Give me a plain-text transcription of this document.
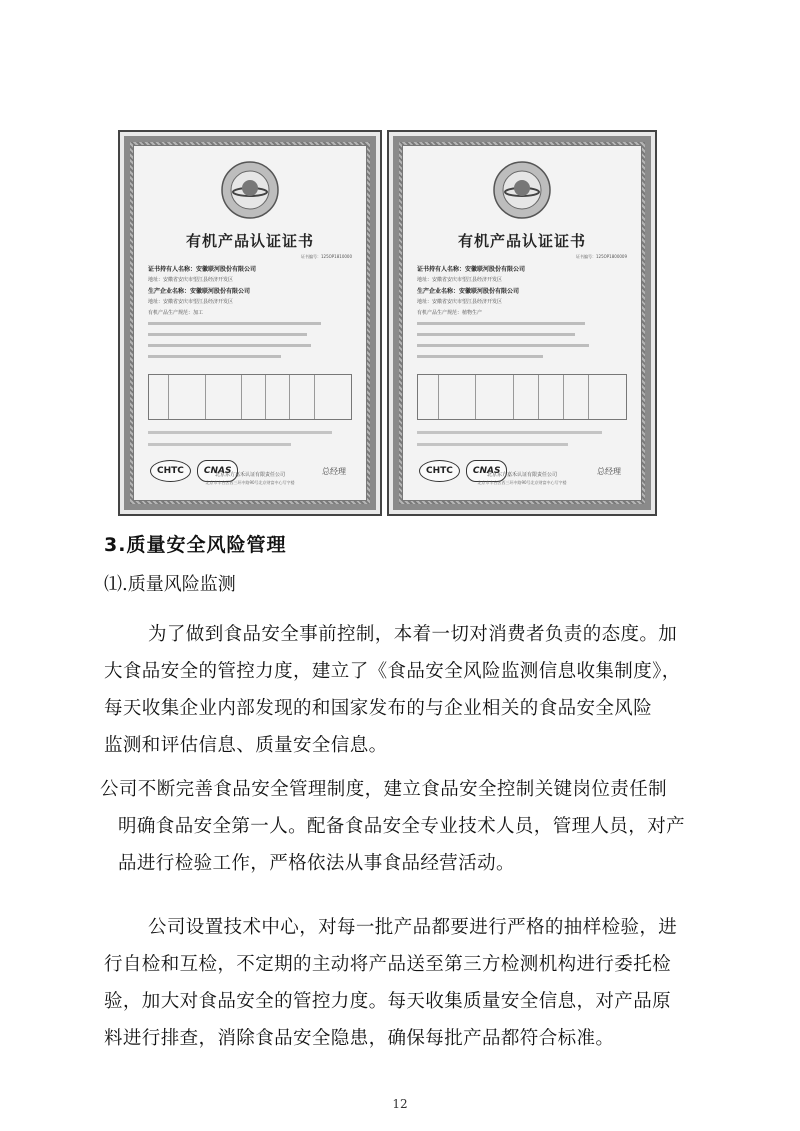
有机产品认证证书
证书编号：125OP1810000
证书持有人名称：安徽联河股份有限公司
地址：安徽省安庆市望江县经济开发区
生产企业名称：安徽联河股份有限公司
地址：安徽省安庆市望江县经济开发区
有机产品生产规范：加工
CHTC	CNAS	总经理
北京东方嘉禾认证有限责任公司
北京市丰台区西三环中路90号北京财富中心写字楼
有机产品认证证书
证书编号：125OP1800009
证书持有人名称：安徽联河股份有限公司
地址：安徽省安庆市望江县经济开发区
生产企业名称：安徽联河股份有限公司
地址：安徽省安庆市望江县经济开发区
有机产品生产规范：植物生产
CHTC	CNAS	总经理
北京东方嘉禾认证有限责任公司
北京市丰台区西三环中路90号北京财富中心写字楼
3.质量安全风险管理
⑴.质量风险监测
为了做到食品安全事前控制，本着一切对消费者负责的态度。加
大食品安全的管控力度，建立了《食品安全风险监测信息收集制度》，
每天收集企业内部发现的和国家发布的与企业相关的食品安全风险
监测和评估信息、质量安全信息。
公司不断完善食品安全管理制度，建立食品安全控制关键岗位责任制
明确食品安全第一人。配备食品安全专业技术人员，管理人员，对产
品进行检验工作，严格依法从事食品经营活动。
公司设置技术中心，对每一批产品都要进行严格的抽样检验，进
行自检和互检，不定期的主动将产品送至第三方检测机构进行委托检
验，加大对食品安全的管控力度。每天收集质量安全信息，对产品原
料进行排查，消除食品安全隐患，确保每批产品都符合标准。
12
